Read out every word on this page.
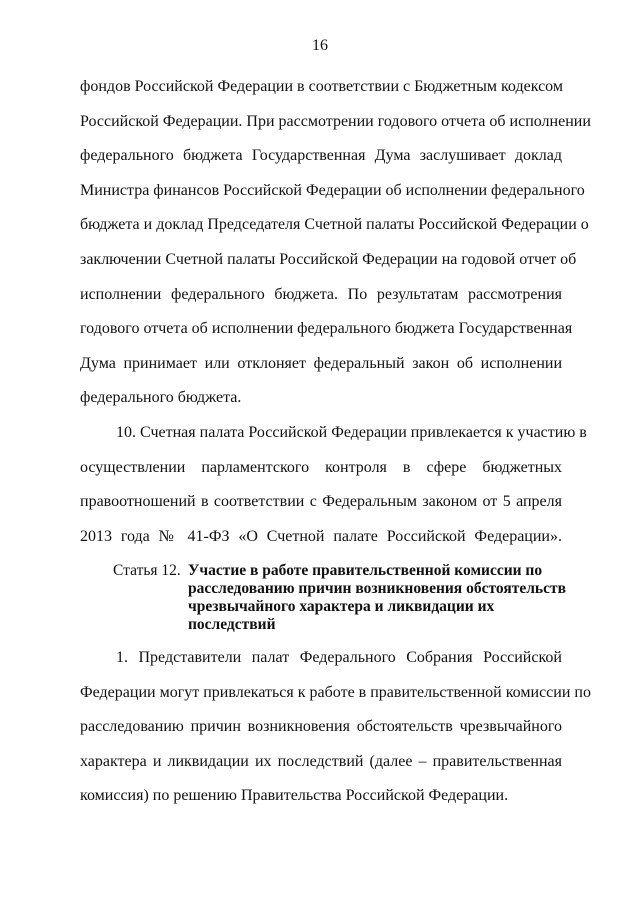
16
фондов Российской Федерации в соответствии с Бюджетным кодексом
Российской Федерации. При рассмотрении годового отчета об исполнении
федерального бюджета Государственная Дума заслушивает доклад
Министра финансов Российской Федерации об исполнении федерального
бюджета и доклад Председателя Счетной палаты Российской Федерации о
заключении Счетной палаты Российской Федерации на годовой отчет об
исполнении федерального бюджета. По результатам рассмотрения
годового отчета об исполнении федерального бюджета Государственная
Дума принимает или отклоняет федеральный закон об исполнении
федерального бюджета.
10. Счетная палата Российской Федерации привлекается к участию в
осуществлении парламентского контроля в сфере бюджетных
правоотношений в соответствии с Федеральным законом от 5 апреля
2013 года № 41-ФЗ «О Счетной палате Российской Федерации».
Статья 12. Участие в работе правительственной комиссии по
расследованию причин возникновения обстоятельств
чрезвычайного характера и ликвидации их
последствий
1. Представители палат Федерального Собрания Российской
Федерации могут привлекаться к работе в правительственной комиссии по
расследованию причин возникновения обстоятельств чрезвычайного
характера и ликвидации их последствий (далее – правительственная
комиссия) по решению Правительства Российской Федерации.
